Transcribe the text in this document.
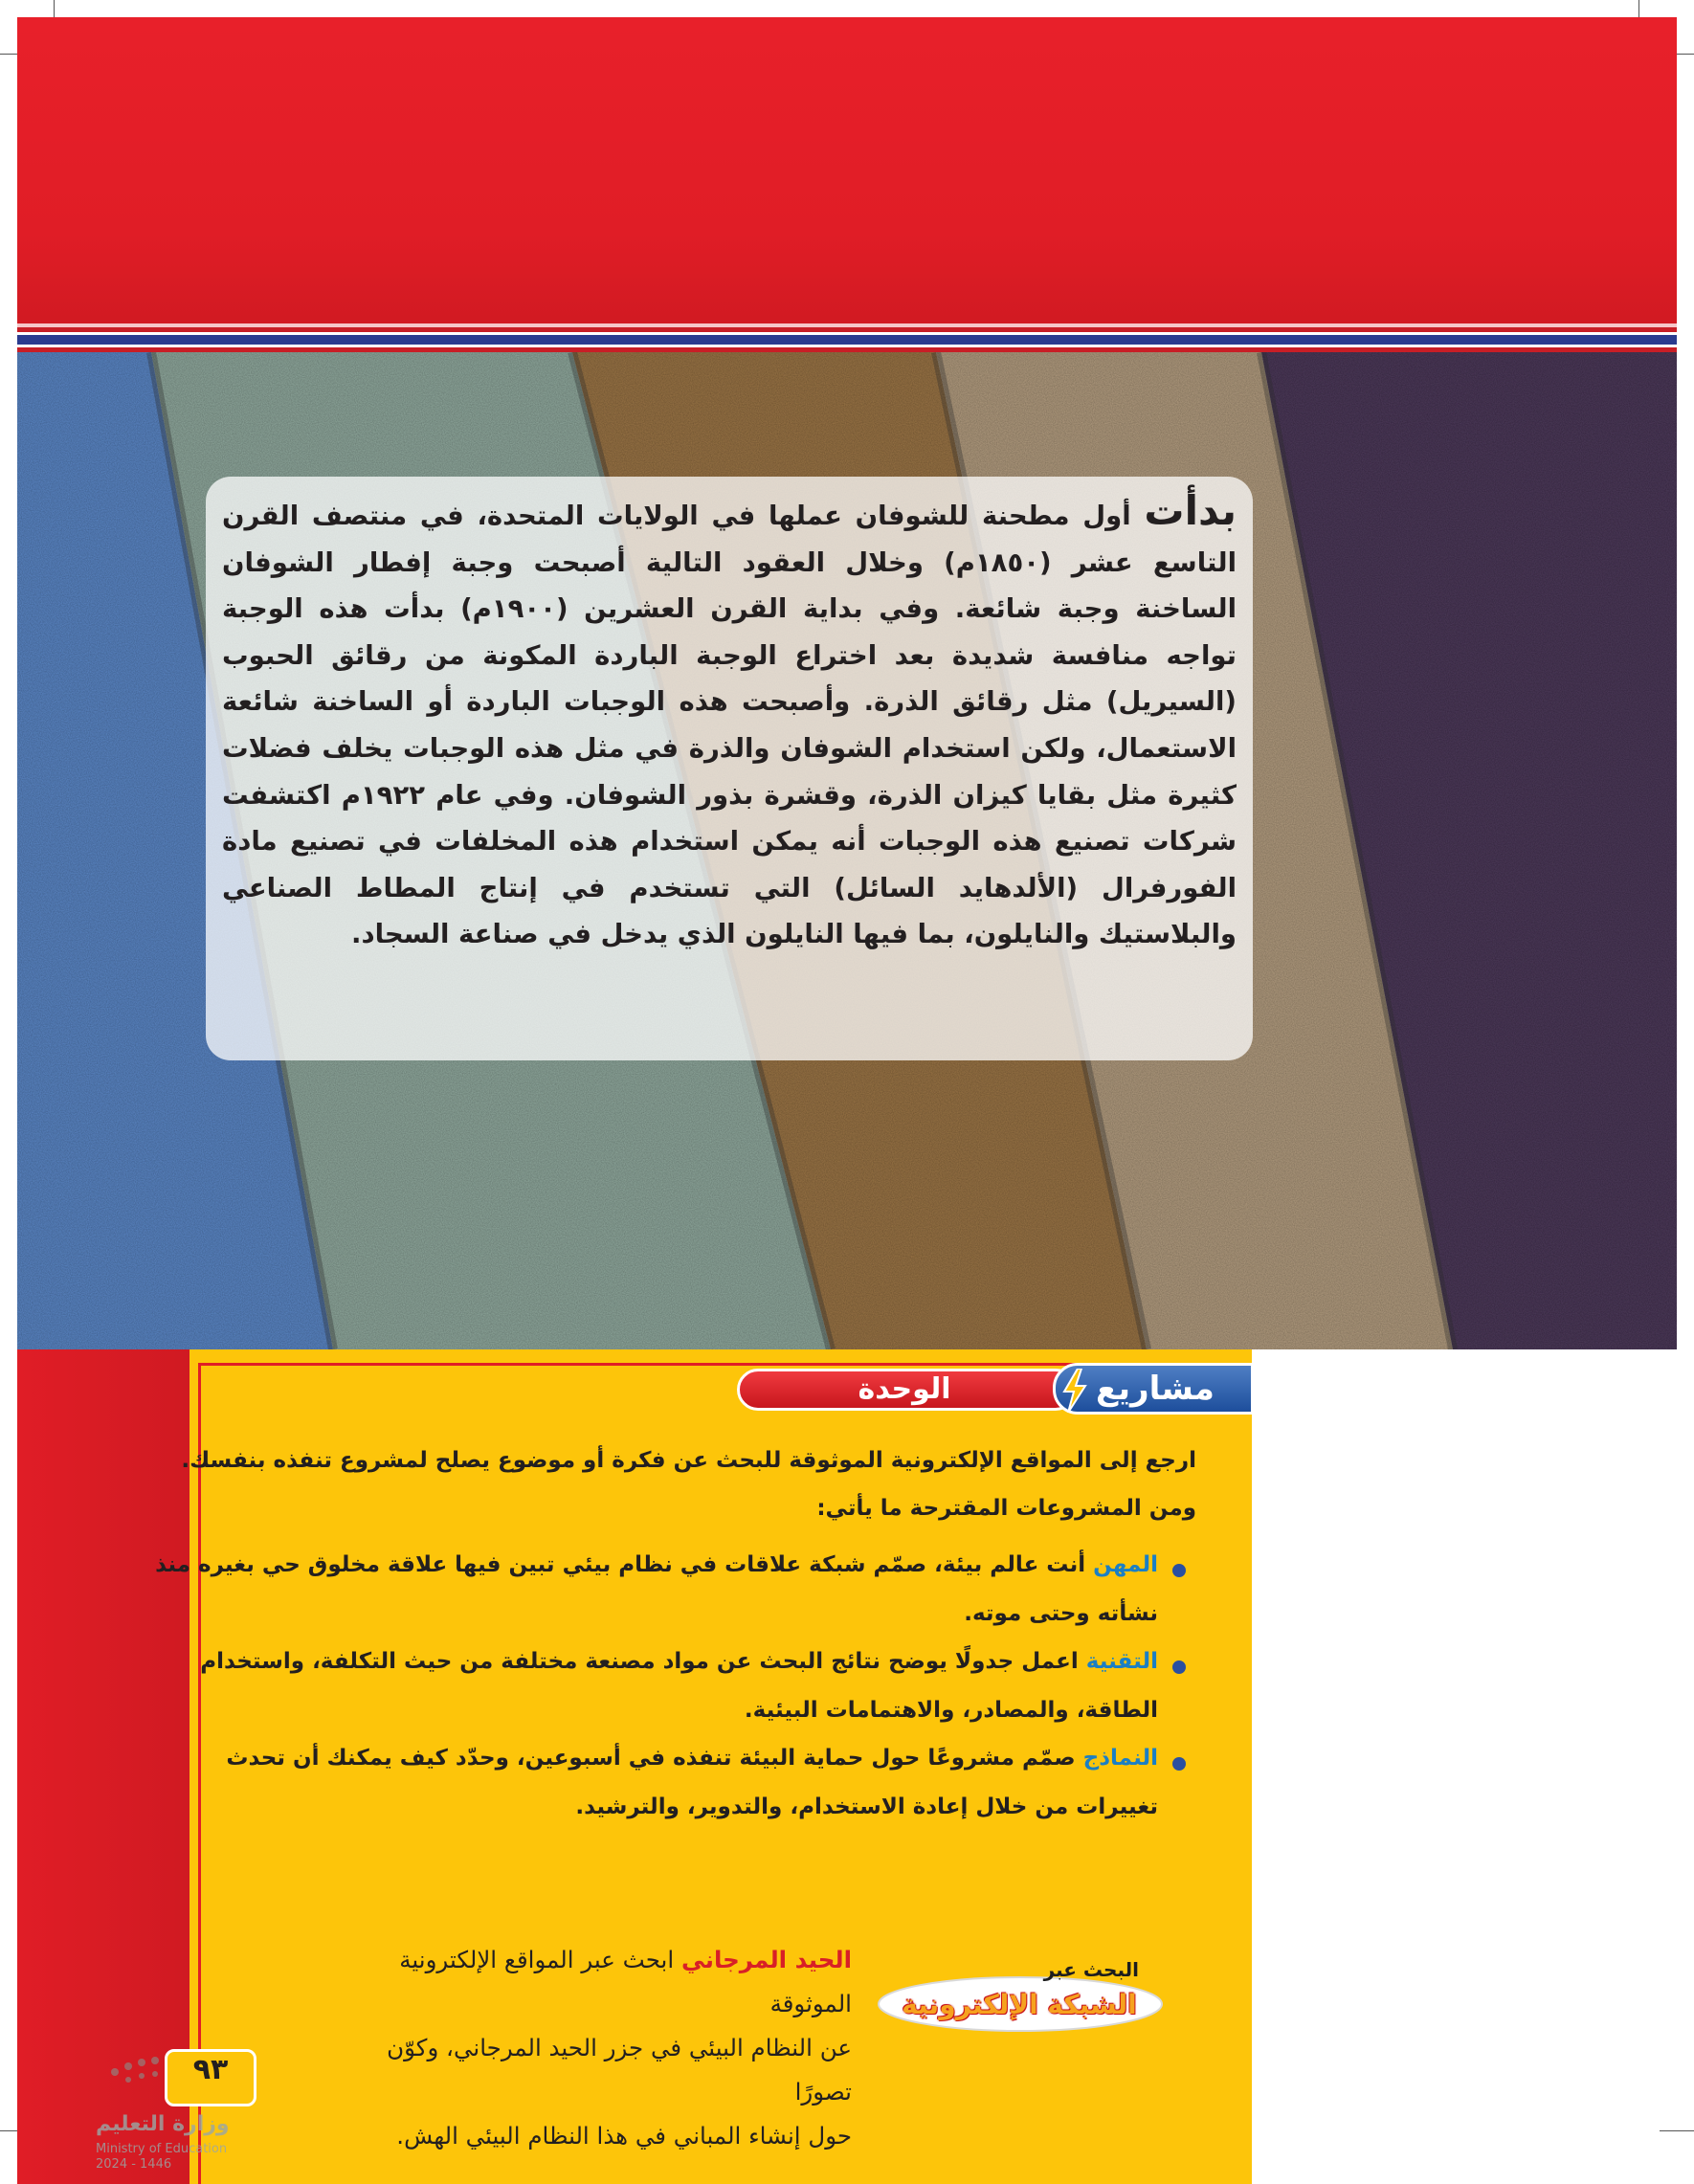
بدأت أول مطحنة للشوفان عملها في الولايات المتحدة، في منتصف القرن التاسع عشر (١٨٥٠م) وخلال العقود التالية أصبحت وجبة إفطار الشوفان الساخنة وجبة شائعة. وفي بداية القرن العشرين (١٩٠٠م) بدأت هذه الوجبة تواجه منافسة شديدة بعد اختراع الوجبة الباردة المكونة من رقائق الحبوب (السيريل) مثل رقائق الذرة. وأصبحت هذه الوجبات الباردة أو الساخنة شائعة الاستعمال، ولكن استخدام الشوفان والذرة في مثل هذه الوجبات يخلف فضلات كثيرة مثل بقايا كيزان الذرة، وقشرة بذور الشوفان. وفي عام ١٩٢٢م اكتشفت شركات تصنيع هذه الوجبات أنه يمكن استخدام هذه المخلفات في تصنيع مادة الفورفرال (الألدهايد السائل) التي تستخدم في إنتاج المطاط الصناعي والبلاستيك والنايلون، بما فيها النايلون الذي يدخل في صناعة السجاد.

الوحدة	مشاريع
ارجع إلى المواقع الإلكترونية الموثوقة للبحث عن فكرة أو موضوع يصلح لمشروع تنفذه بنفسك.
ومن المشروعات المقترحة ما يأتي:
المهن أنت عالم بيئة، صمّم شبكة علاقات في نظام بيئي تبين فيها علاقة مخلوق حي بغيره منذ
نشأته وحتى موته.
التقنية اعمل جدولًا يوضح نتائج البحث عن مواد مصنعة مختلفة من حيث التكلفة، واستخدام
الطاقة، والمصادر، والاهتمامات البيئية.
النماذج صمّم مشروعًا حول حماية البيئة تنفذه في أسبوعين، وحدّد كيف يمكنك أن تحدث
تغييرات من خلال إعادة الاستخدام، والتدوير، والترشيد.
البحث عبر
الشبكة الإلكترونية

الحيد المرجاني ابحث عبر المواقع الإلكترونية الموثوقة
عن النظام البيئي في جزر الحيد المرجاني، وكوّن تصورًا
حول إنشاء المباني في هذا النظام البيئي الهش.

٩٣
وزارة التعليم
Ministry of Education
2024 - 1446
